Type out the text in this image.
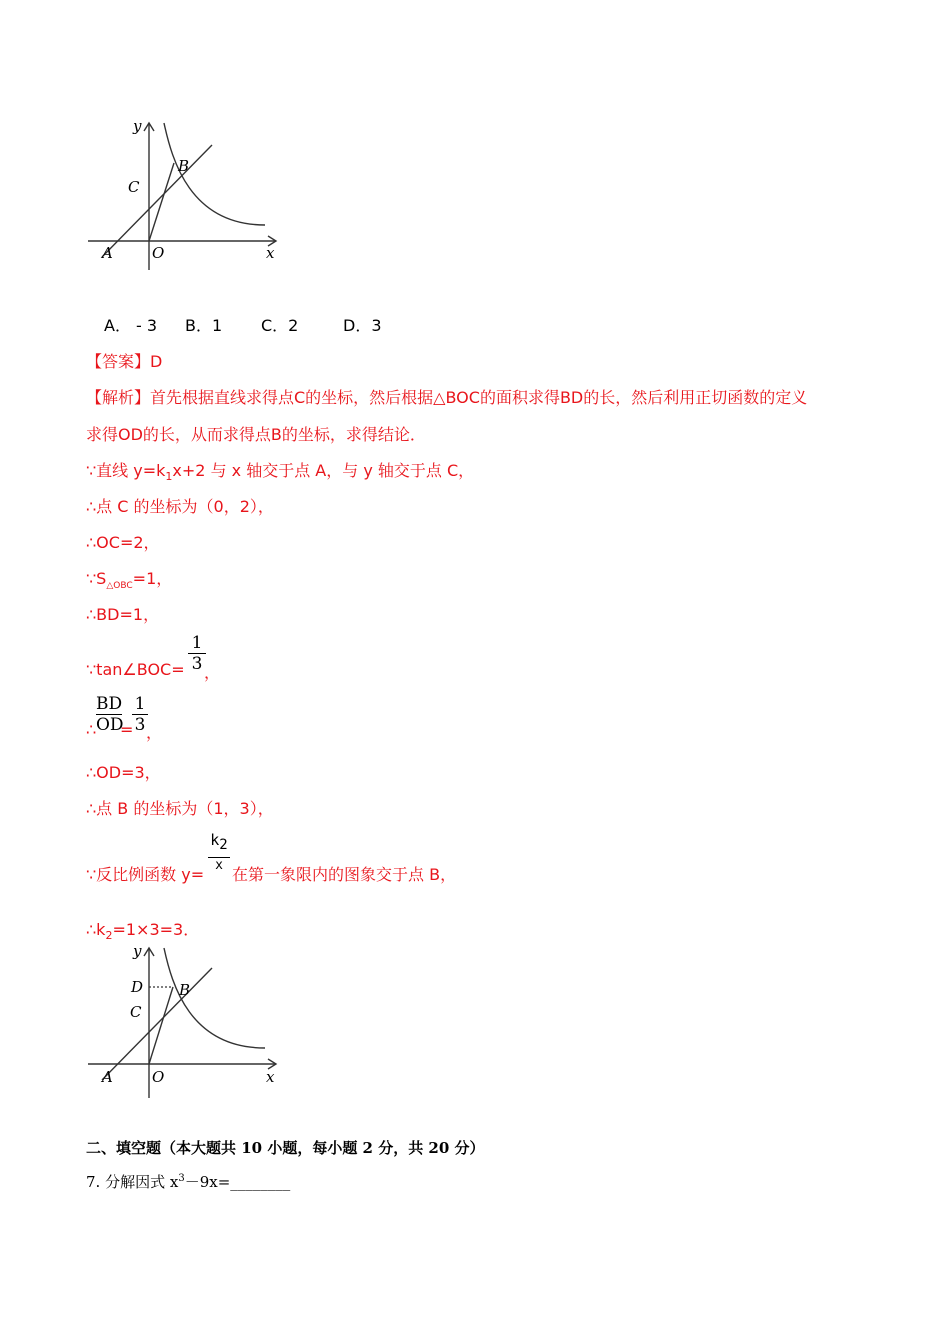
y
B
C
A	O	x
A． - 3 B．1 C．2	D．3
【答案】D
【解析】首先根据直线求得点C的坐标，然后根据△BOC的面积求得BD的长，然后利用正切函数的定义
求得OD的长，从而求得点B的坐标，求得结论．
∵直线 $y=k_1x+2$ 与 x 轴交于点 A，与 y 轴交于点 C，
∴点 C 的坐标为（0，2），
∴OC=2，
$\because S_{\triangle OBC}=1$，
∴BD=1，
∵tan∠BOC=
1
3 ，
∴
BD
OD
=
1
3 ，
∴OD=3，
∴点 B 的坐标为（1，3），
∵反比例函数 y=
$k_2$
x 在第一象限内的图象交于点 B，
$\therefore k_2=1\times 3=3$．
y
D B
C
A	O	x
二、填空题（本大题共 10 小题，每小题 2 分，共 20 分）
7. 分解因式 $x^3-9x=\_\_\_\_\_\_\_\_$
